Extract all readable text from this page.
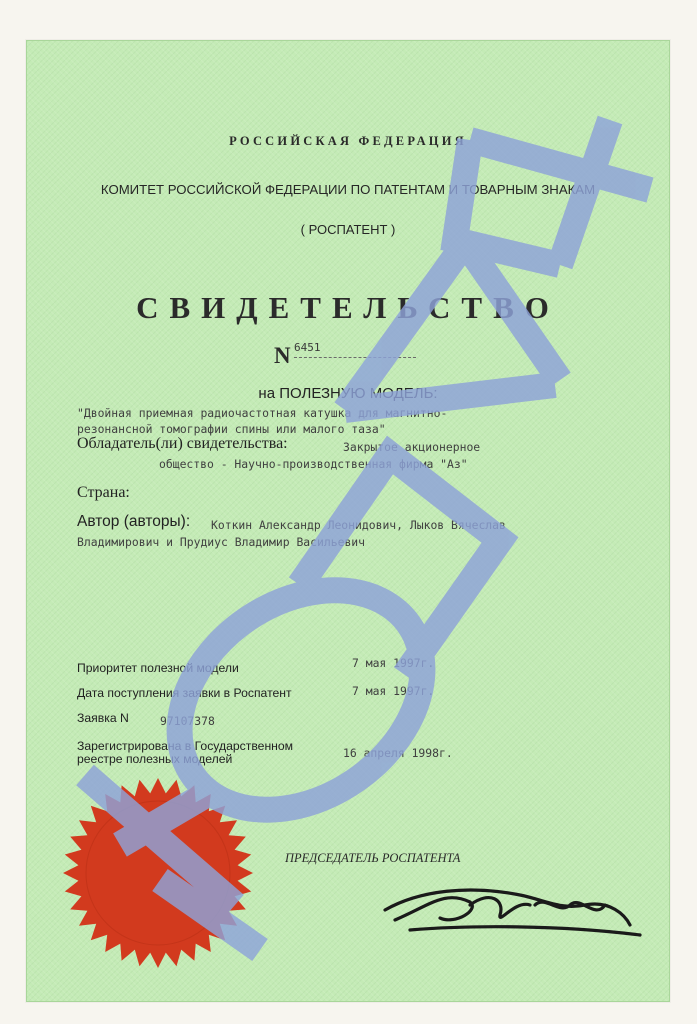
РОССИЙСКАЯ ФЕДЕРАЦИЯ
КОМИТЕТ РОССИЙСКОЙ ФЕДЕРАЦИИ ПО ПАТЕНТАМ И ТОВАРНЫМ ЗНАКАМ
( РОСПАТЕНТ )
СВИДЕТЕЛЬСТВО
N 6451
на ПОЛЕЗНУЮ МОДЕЛЬ:
"Двойная приемная радиочастотная катушка для магнитно-
резонансной томографии спины или малого таза"
Обладатель(ли) свидетельства:	Закрытое акционерное
общество - Научно-производственная фирма "Аз"
Страна:
Автор (авторы): Коткин Александр Леонидович, Лыков Вячеслав
Владимирович и Прудиус Владимир Васильевич
Приоритет полезной модели	7 мая 1997г.
Дата поступления заявки в Роспатент	7 мая 1997г.
Заявка N	97107378
Зарегистрирована в Государственном
реестре полезных моделей	16 апреля 1998г.
ПРЕДСЕДАТЕЛЬ РОСПАТЕНТА
